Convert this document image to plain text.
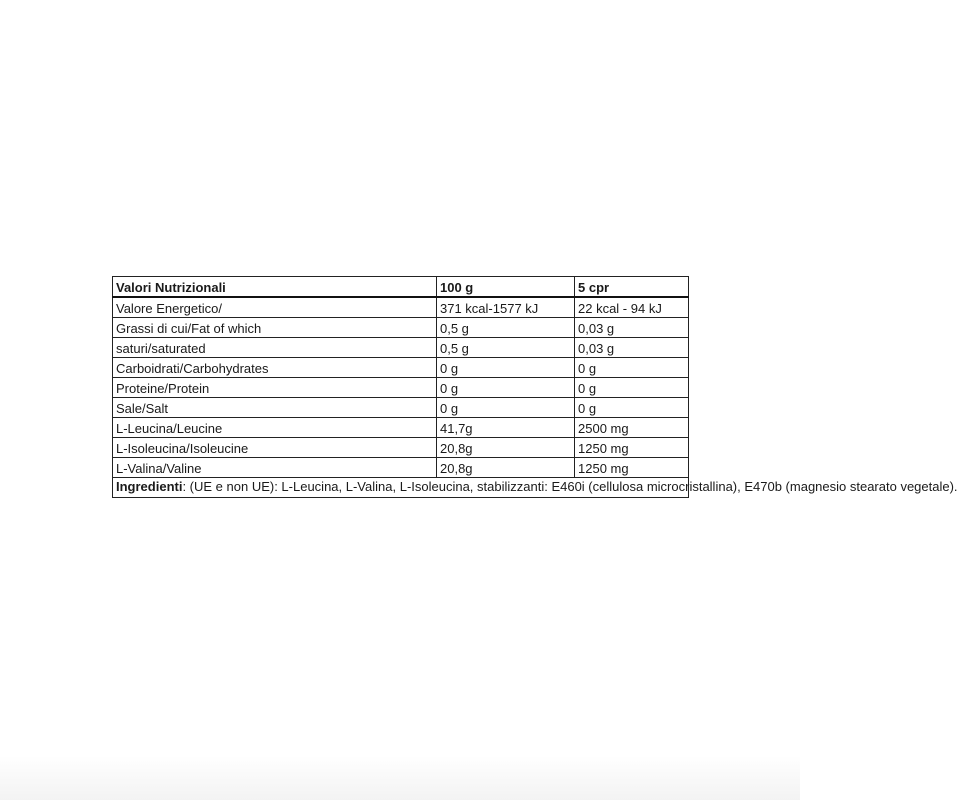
Valori Nutrizionali	100 g	5 cpr
Valore Energetico/	371 kcal-1577 kJ	22 kcal - 94 kJ
Grassi di cui/Fat of which	0,5 g	0,03 g
saturi/saturated	0,5 g	0,03 g
Carboidrati/Carbohydrates	0 g	0 g
Proteine/Protein	0 g	0 g
Sale/Salt	0 g	0 g
L-Leucina/Leucine	41,7g	2500 mg
L-Isoleucina/Isoleucine	20,8g	1250 mg
L-Valina/Valine	20,8g	1250 mg
Ingredienti: (UE e non UE): L-Leucina, L-Valina, L-Isoleucina, stabilizzanti: E460i (cellulosa microcristallina), E470b (magnesio stearato vegetale).		
